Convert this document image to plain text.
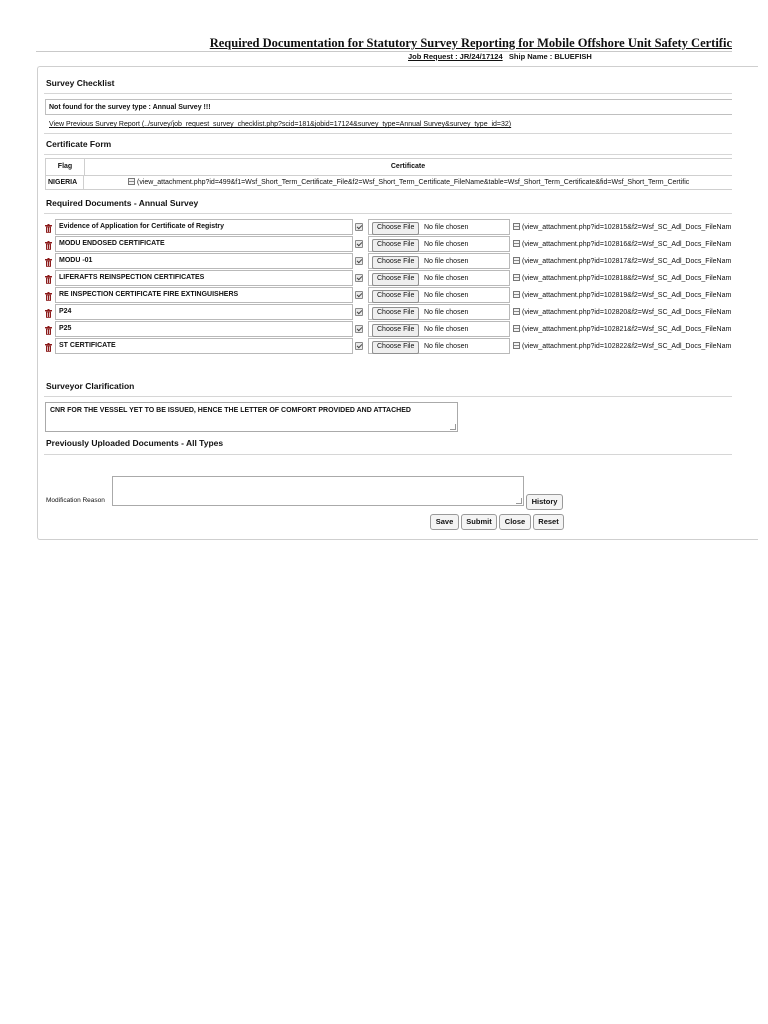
Required Documentation for Statutory Survey Reporting for Mobile Offshore Unit Safety Certific
Job Request : JR/24/17124 Ship Name : BLUEFISH
Survey Checklist
Not found for the survey type : Annual Survey !!!
View Previous Survey Report (../survey/job_request_survey_checklist.php?scid=181&jobid=17124&survey_type=Annual Survey&survey_type_id=32)
Certificate Form
Flag	Certificate
NIGERIA	(view_attachment.php?id=499&f1=Wsf_Short_Term_Certificate_File&f2=Wsf_Short_Term_Certificate_FileName&table=Wsf_Short_Term_Certificate&fid=Wsf_Short_Term_Certific
Required Documents - Annual Survey
Evidence of Application for Certificate of Registry	Choose File	No file chosen	(view_attachment.php?id=102815&f2=Wsf_SC_Adl_Docs_FileNam
MODU ENDOSED CERTIFICATE	Choose File	No file chosen	(view_attachment.php?id=102816&f2=Wsf_SC_Adl_Docs_FileNam
MODU -01	Choose File	No file chosen	(view_attachment.php?id=102817&f2=Wsf_SC_Adl_Docs_FileNam
LIFERAFTS REINSPECTION CERTIFICATES	Choose File	No file chosen	(view_attachment.php?id=102818&f2=Wsf_SC_Adl_Docs_FileNam
RE INSPECTION CERTIFICATE FIRE EXTINGUISHERS	Choose File	No file chosen	(view_attachment.php?id=102819&f2=Wsf_SC_Adl_Docs_FileNam
P24	Choose File	No file chosen	(view_attachment.php?id=102820&f2=Wsf_SC_Adl_Docs_FileNam
P25	Choose File	No file chosen	(view_attachment.php?id=102821&f2=Wsf_SC_Adl_Docs_FileNam
ST CERTIFICATE	Choose File	No file chosen	(view_attachment.php?id=102822&f2=Wsf_SC_Adl_Docs_FileNam
Surveyor Clarification
CNR FOR THE VESSEL YET TO BE ISSUED, HENCE THE LETTER OF COMFORT PROVIDED AND ATTACHED
Previously Uploaded Documents - All Types
Modification Reason	History
Save	Submit	Close	Reset
